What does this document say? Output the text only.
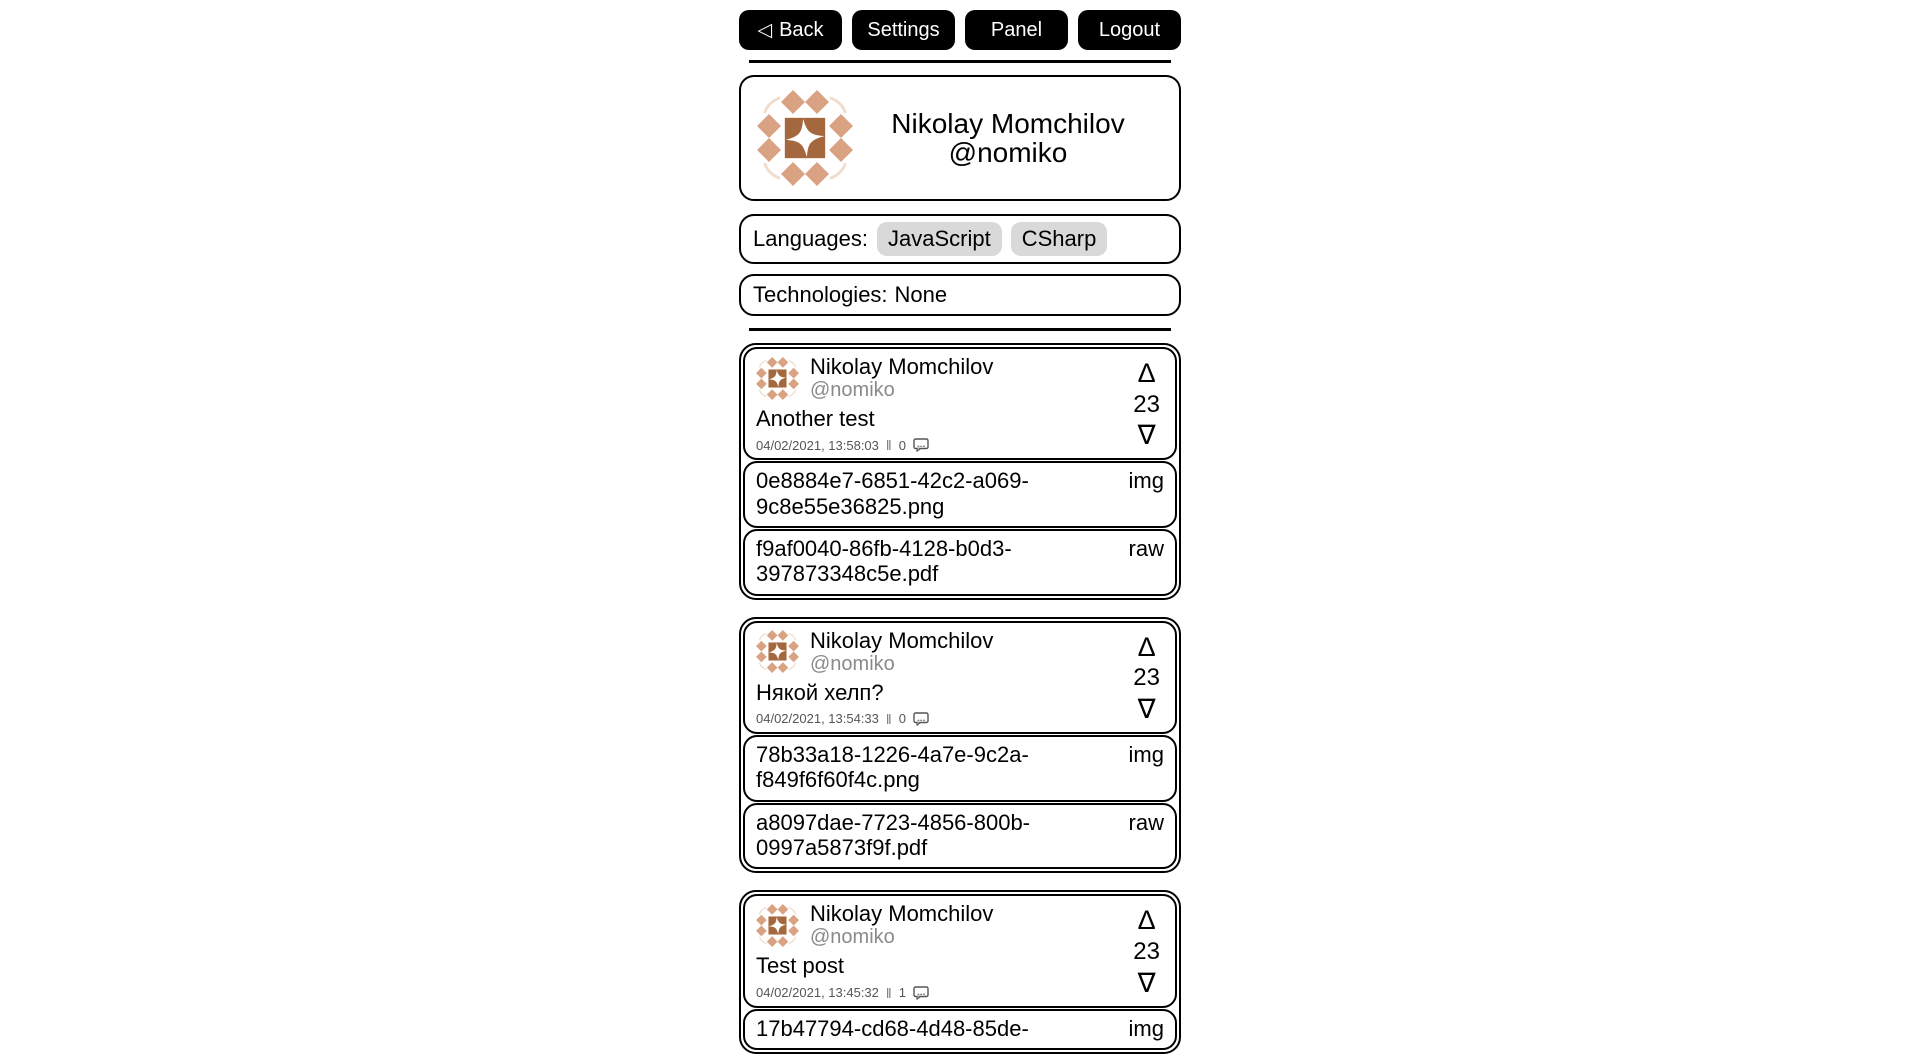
◁ Back Settings	Panel	Logout
Nikolay Momchilov
@nomiko
Languages: JavaScript	CSharp
Technologies: None
Nikolay Momchilov
@nomiko
Another test
04/02/2021, 13:58:03 ‖ 0
Δ
23
∇
0e8884e7-6851-42c2-a069-9c8e55e36825.png
img
f9af0040-86fb-4128-b0d3-397873348c5e.pdf
raw
Nikolay Momchilov
@nomiko
Някой хелп?
04/02/2021, 13:54:33 ‖ 0
Δ
23
∇
78b33a18-1226-4a7e-9c2a-f849f6f60f4c.png
img
a8097dae-7723-4856-800b-0997a5873f9f.pdf
raw
Nikolay Momchilov
@nomiko
Test post
04/02/2021, 13:45:32 ‖ 1
Δ
23
∇
17b47794-cd68-4d48-85de-	img
